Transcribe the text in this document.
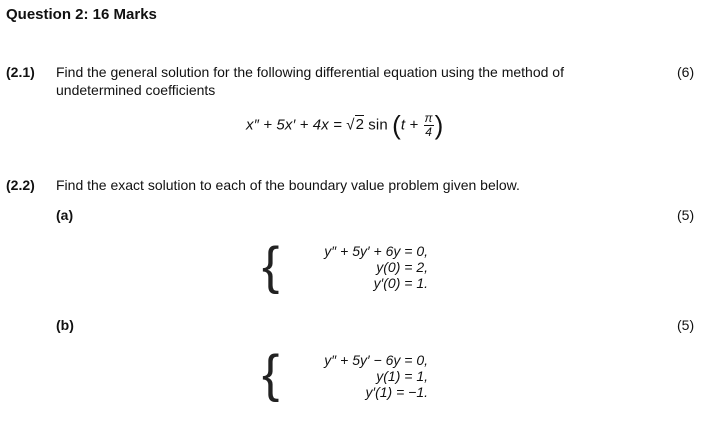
Question 2: 16 Marks
(2.1) Find the general solution for the following differential equation using the method of
undetermined coefficients
(6)
x″ + 5x′ + 4x = √2 $\sin (t + \frac{\pi}{4}$ )
(2.2) Find the exact solution to each of the boundary value problem given below.
(a)	(5)
{	y″ + 5y′ + 6y = 0,
y(0) = 2,
y′(0) = 1.
(b)	(5)
{	y″ + 5y′ − 6y = 0,
y(1) = 1,
y′(1) = −1.
